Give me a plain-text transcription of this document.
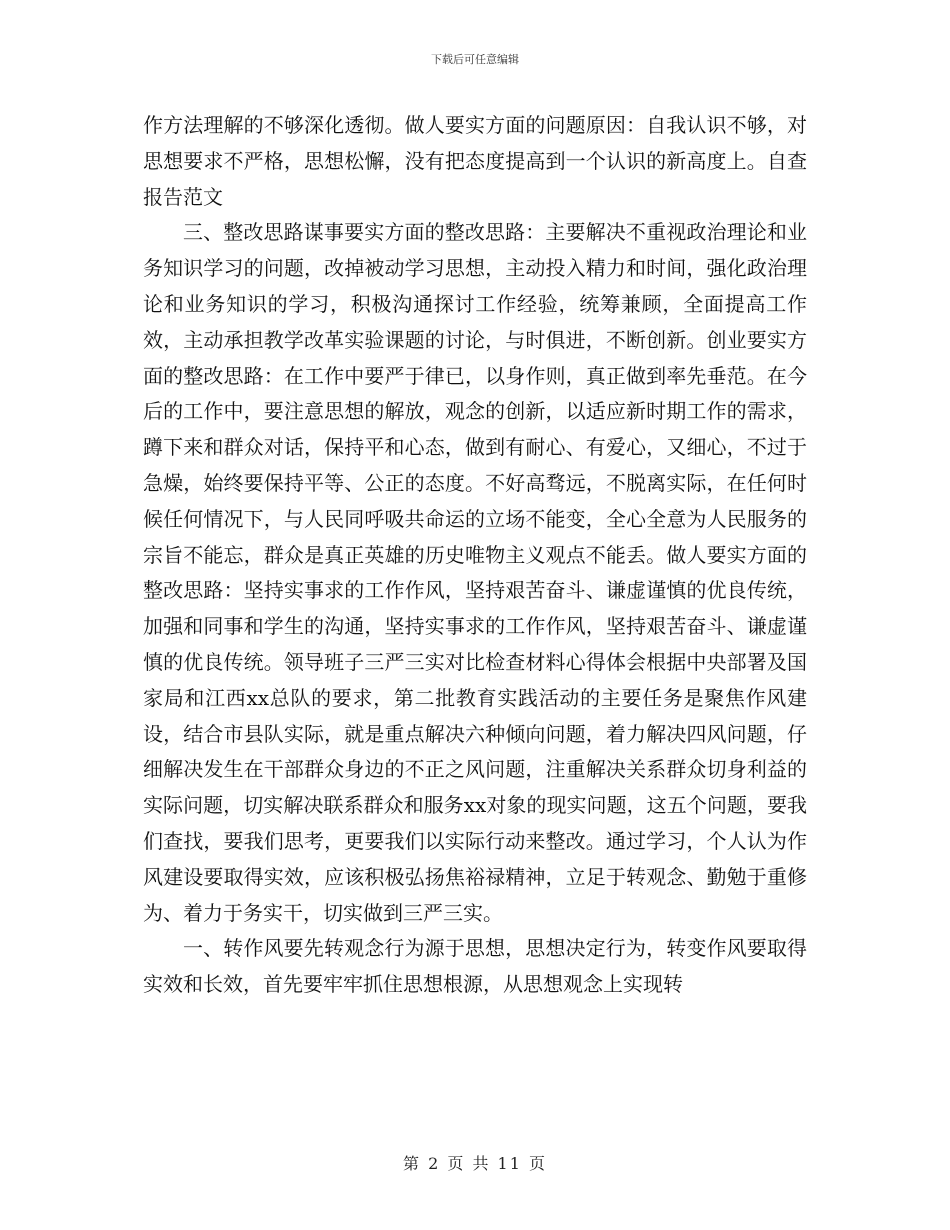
下载后可任意编辑

作方法理解的不够深化透彻。做人要实方面的问题原因：自我认识不够，对思想要求不严格，思想松懈，没有把态度提高到一个认识的新高度上。自查报告范文

三、整改思路谋事要实方面的整改思路：主要解决不重视政治理论和业务知识学习的问题，改掉被动学习思想，主动投入精力和时间，强化政治理论和业务知识的学习，积极沟通探讨工作经验，统筹兼顾，全面提高工作效，主动承担教学改革实验课题的讨论，与时俱进，不断创新。创业要实方面的整改思路：在工作中要严于律已，以身作则，真正做到率先垂范。在今后的工作中，要注意思想的解放，观念的创新，以适应新时期工作的需求，蹲下来和群众对话，保持平和心态，做到有耐心、有爱心，又细心，不过于急燥，始终要保持平等、公正的态度。不好高骛远，不脱离实际，在任何时候任何情况下，与人民同呼吸共命运的立场不能变，全心全意为人民服务的宗旨不能忘，群众是真正英雄的历史唯物主义观点不能丢。做人要实方面的整改思路：坚持实事求的工作作风，坚持艰苦奋斗、谦虚谨慎的优良传统，加强和同事和学生的沟通，坚持实事求的工作作风，坚持艰苦奋斗、谦虚谨慎的优良传统。领导班子三严三实对比检查材料心得体会根据中央部署及国家局和江西xx总队的要求，第二批教育实践活动的主要任务是聚焦作风建设，结合市县队实际，就是重点解决六种倾向问题，着力解决四风问题，仔细解决发生在干部群众身边的不正之风问题，注重解决关系群众切身利益的实际问题，切实解决联系群众和服务xx对象的现实问题，这五个问题，要我们查找，要我们思考，更要我们以实际行动来整改。通过学习，个人认为作风建设要取得实效，应该积极弘扬焦裕禄精神，立足于转观念、勤勉于重修为、着力于务实干，切实做到三严三实。

一、转作风要先转观念行为源于思想，思想决定行为，转变作风要取得实效和长效，首先要牢牢抓住思想根源，从思想观念上实现转

第 2 页 共 11 页
